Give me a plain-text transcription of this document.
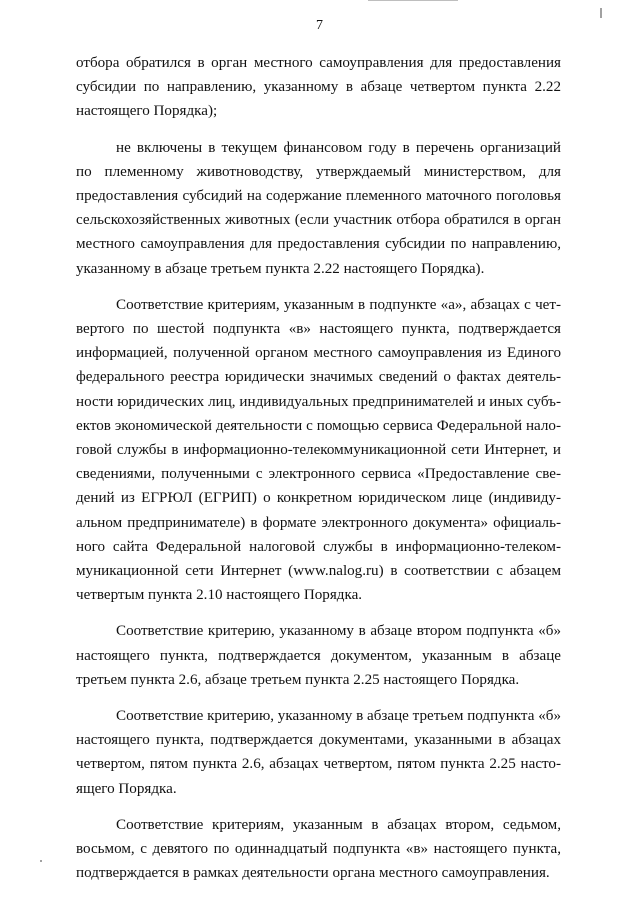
7

отбора обратился в орган местного самоуправления для предоставления субсидии по направлению, указанному в абзаце четвертом пункта 2.22 настоящего Порядка);

не включены в текущем финансовом году в перечень организаций по племенному животноводству, утверждаемый министерством, для предоставления субсидий на содержание племенного маточного поголовья сельскохозяйственных животных (если участник отбора обратился в орган местного самоуправления для предоставления субсидии по направлению, указанному в абзаце третьем пункта 2.22 настоящего Порядка).

Соответствие критериям, указанным в подпункте «а», абзацах с четвертого по шестой подпункта «в» настоящего пункта, подтверждается информацией, полученной органом местного самоуправления из Единого федерального реестра юридически значимых сведений о фактах деятельности юридических лиц, индивидуальных предпринимателей и иных субъектов экономической деятельности с помощью сервиса Федеральной налоговой службы в информационно-телекоммуникационной сети Интернет, и сведениями, полученными с электронного сервиса «Предоставление сведений из ЕГРЮЛ (ЕГРИП) о конкретном юридическом лице (индивидуальном предпринимателе) в формате электронного документа» официального сайта Федеральной налоговой службы в информационно-телекоммуникационной сети Интернет (www.nalog.ru) в соответствии с абзацем четвертым пункта 2.10 настоящего Порядка.

Соответствие критерию, указанному в абзаце втором подпункта «б» настоящего пункта, подтверждается документом, указанным в абзаце третьем пункта 2.6, абзаце третьем пункта 2.25 настоящего Порядка.

Соответствие критерию, указанному в абзаце третьем подпункта «б» настоящего пункта, подтверждается документами, указанными в абзацах четвертом, пятом пункта 2.6, абзацах четвертом, пятом пункта 2.25 настоящего Порядка.

Соответствие критериям, указанным в абзацах втором, седьмом, восьмом, с девятого по одиннадцатый подпункта «в» настоящего пункта, подтверждается в рамках деятельности органа местного самоуправления.
